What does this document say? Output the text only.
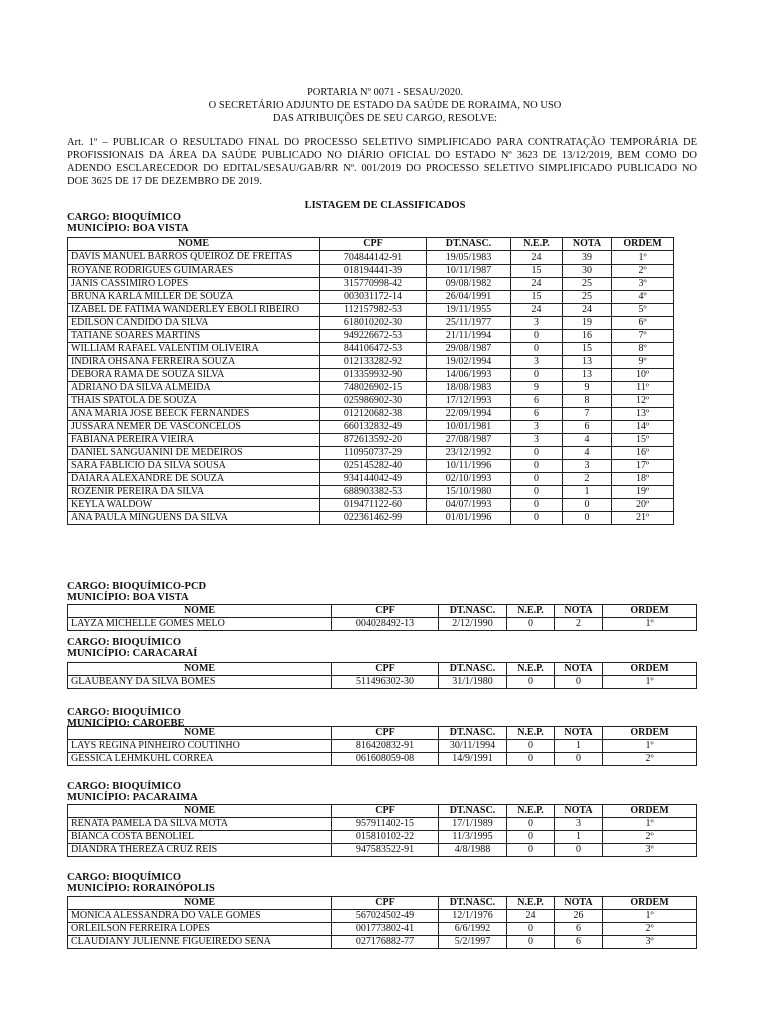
PORTARIA Nº 0071 - SESAU/2020.
O SECRETÁRIO ADJUNTO DE ESTADO DA SAÚDE DE RORAIMA, NO USO
DAS ATRIBUIÇÕES DE SEU CARGO, RESOLVE:
Art. 1º – PUBLICAR O RESULTADO FINAL DO PROCESSO SELETIVO SIMPLIFICADO PARA CONTRATAÇÃO TEMPORÁRIA DE PROFISSIONAIS DA ÁREA DA SAÚDE PUBLICADO NO DIÁRIO OFICIAL DO ESTADO Nº 3623 DE 13/12/2019, BEM COMO DO ADENDO ESCLARECEDOR DO EDITAL/SESAU/GAB/RR Nº. 001/2019 DO PROCESSO SELETIVO SIMPLIFICADO PUBLICADO NO DOE 3625 DE 17 DE DEZEMBRO DE 2019.
LISTAGEM DE CLASSIFICADOS
CARGO: BIOQUÍMICO
MUNICÍPIO: BOA VISTA
NOME	CPF	DT.NASC.	N.E.P.	NOTA	ORDEM
DAVIS MANUEL BARROS QUEIROZ DE FREITAS	704844142-91	19/05/1983	24	39	1º
ROYANE RODRIGUES GUIMARÃES	018194441-39	10/11/1987	15	30	2º
JANIS CASSIMIRO LOPES	315770998-42	09/08/1982	24	25	3º
BRUNA KARLA MILLER DE SOUZA	003031172-14	26/04/1991	15	25	4º
IZABEL DE FATIMA WANDERLEY EBOLI RIBEIRO	112157982-53	19/11/1955	24	24	5º
EDILSON CANDIDO DA SILVA	618010202-30	25/11/1977	3	19	6º
TATIANE SOARES MARTINS	949226672-53	21/11/1994	0	16	7º
WILLIAM RAFAEL VALENTIM OLIVEIRA	844106472-53	29/08/1987	0	15	8º
INDIRA OHSANA FERREIRA SOUZA	012133282-92	19/02/1994	3	13	9º
DEBORA RAMA DE SOUZA SILVA	013359932-90	14/06/1993	0	13	10º
ADRIANO DA SILVA ALMEIDA	748026902-15	18/08/1983	9	9	11º
THAIS SPATOLA DE SOUZA	025986902-30	17/12/1993	6	8	12º
ANA MARIA JOSE BEECK FERNANDES	012120682-38	22/09/1994	6	7	13º
JUSSARA NEMER DE VASCONCELOS	660132832-49	10/01/1981	3	6	14º
FABIANA PEREIRA VIEIRA	872613592-20	27/08/1987	3	4	15º
DANIEL SANGUANINI DE MEDEIROS	110950737-29	23/12/1992	0	4	16º
SARA FABLICIO DA SILVA SOUSA	025145282-40	10/11/1996	0	3	17º
DAIARA ALEXANDRE DE SOUZA	934144042-49	02/10/1993	0	2	18º
ROZENIR PEREIRA DA SILVA	688903382-53	15/10/1980	0	1	19º
KEYLA WALDOW	019471122-60	04/07/1993	0	0	20º
ANA PAULA MINGUENS DA SILVA	022361462-99	01/01/1996	0	0	21º
CARGO: BIOQUÍMICO-PCD
MUNICÍPIO: BOA VISTA
NOME	CPF	DT.NASC.	N.E.P.	NOTA	ORDEM
LAYZA MICHELLE GOMES MELO	004028492-13	2/12/1990	0	2	1º
CARGO: BIOQUÍMICO
MUNICÍPIO: CARACARAÍ
NOME	CPF	DT.NASC.	N.E.P.	NOTA	ORDEM
GLAUBEANY DA SILVA BOMES	511496302-30	31/1/1980	0	0	1º
CARGO: BIOQUÍMICO
MUNICÍPIO: CAROEBE
NOME	CPF	DT.NASC.	N.E.P.	NOTA	ORDEM
LAYS REGINA PINHEIRO COUTINHO	816420832-91	30/11/1994	0	1	1º
GESSICA LEHMKUHL CORREA	061608059-08	14/9/1991	0	0	2º
CARGO: BIOQUÍMICO
MUNICÍPIO: PACARAIMA
NOME	CPF	DT.NASC.	N.E.P.	NOTA	ORDEM
RENATA PAMELA DA SILVA MOTA	957911402-15	17/1/1989	0	3	1º
BIANCA COSTA BENOLIEL	015810102-22	11/3/1995	0	1	2º
DIANDRA THEREZA CRUZ REIS	947583522-91	4/8/1988	0	0	3º
CARGO: BIOQUÍMICO
MUNICÍPIO: RORAINÓPOLIS
NOME	CPF	DT.NASC.	N.E.P.	NOTA	ORDEM
MONICA ALESSANDRA DO VALE GOMES	567024502-49	12/1/1976	24	26	1º
ORLEILSON FERREIRA LOPES	001773802-41	6/6/1992	0	6	2º
CLAUDIANY JULIENNE FIGUEIREDO SENA	027176882-77	5/2/1997	0	6	3º
